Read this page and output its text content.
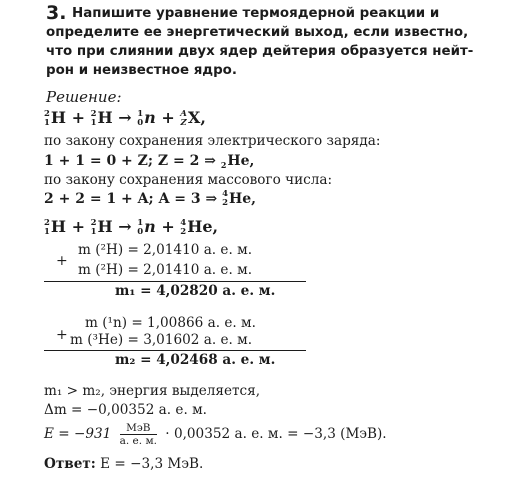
3. Напишите уравнение термоядерной реакции и
определите ее энергетический выход, если известно,
что при слиянии двух ядер дейтерия образуется нейт-
рон и неизвестное ядро.
Решение:
2
1 H + 2
1 H → 1
0 n + A
Z X,
по закону сохранения электрического заряда:
1 + 1 = 0 + Z; Z = 2 ⇒
2 He,
по закону сохранения массового числа:
2 + 2 = 1 + A; A = 3 ⇒ 4
2 He,
2
1 H + 2
1 H → 1
0 n + 4
2 He,
+
m (²H) = 2,01410 а. е. м.
m (²H) = 2,01410 а. е. м.
m₁ = 4,02820 а. е. м.
+
m (¹n) = 1,00866 а. е. м.
m (³He) = 3,01602 а. е. м.
m₂ = 4,02468 а. е. м.
m₁ > m₂, энергия выделяется,
Δm = −0,00352 а. е. м.
$E = -931 \frac{\text{МэВ}}{а. е. м.} \cdot 0,00352$ а. е. м. = −3,3 (МэВ).
Ответ: E = −3,3 МэВ.
